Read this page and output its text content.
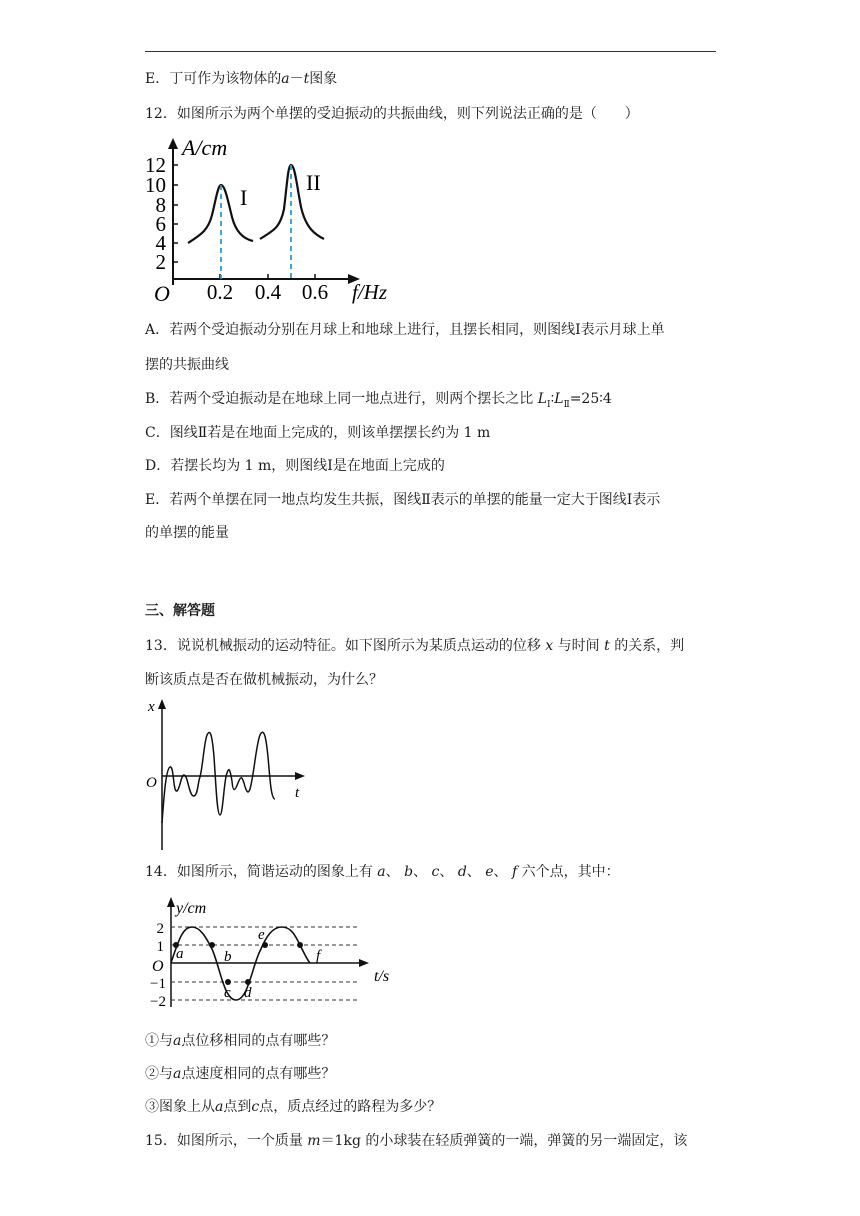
E．丁可作为该物体的a－t图象
12．如图所示为两个单摆的受迫振动的共振曲线，则下列说法正确的是（　　）
12
10
8
6
4
2
0.2 0.4 0.6
O
A/cm
f/Hz
I
II
A．若两个受迫振动分别在月球上和地球上进行，且摆长相同，则图线Ⅰ表示月球上单
摆的共振曲线
B．若两个受迫振动是在地球上同一地点进行，则两个摆长之比 $L_Ⅰ∶L_Ⅱ=25∶4$
C．图线Ⅱ若是在地面上完成的，则该单摆摆长约为 1 m
D．若摆长均为 1 m，则图线Ⅰ是在地面上完成的
E．若两个单摆在同一地点均发生共振，图线Ⅱ表示的单摆的能量一定大于图线Ⅰ表示
的单摆的能量
三、解答题
13．说说机械振动的运动特征。如下图所示为某质点运动的位移 x 与时间 t 的关系，判
断该质点是否在做机械振动，为什么？
x
t
O
14．如图所示，简谐运动的图象上有 a、 b、 c、 d、 e、 f 六个点，其中：
y/cm
t/s
O
2
1
−1
−2
a	b
c d
e
f
①与a点位移相同的点有哪些？
②与a点速度相同的点有哪些？
③图象上从a点到c点，质点经过的路程为多少？
15．如图所示，一个质量 m＝1kg 的小球装在轻质弹簧的一端，弹簧的另一端固定，该
